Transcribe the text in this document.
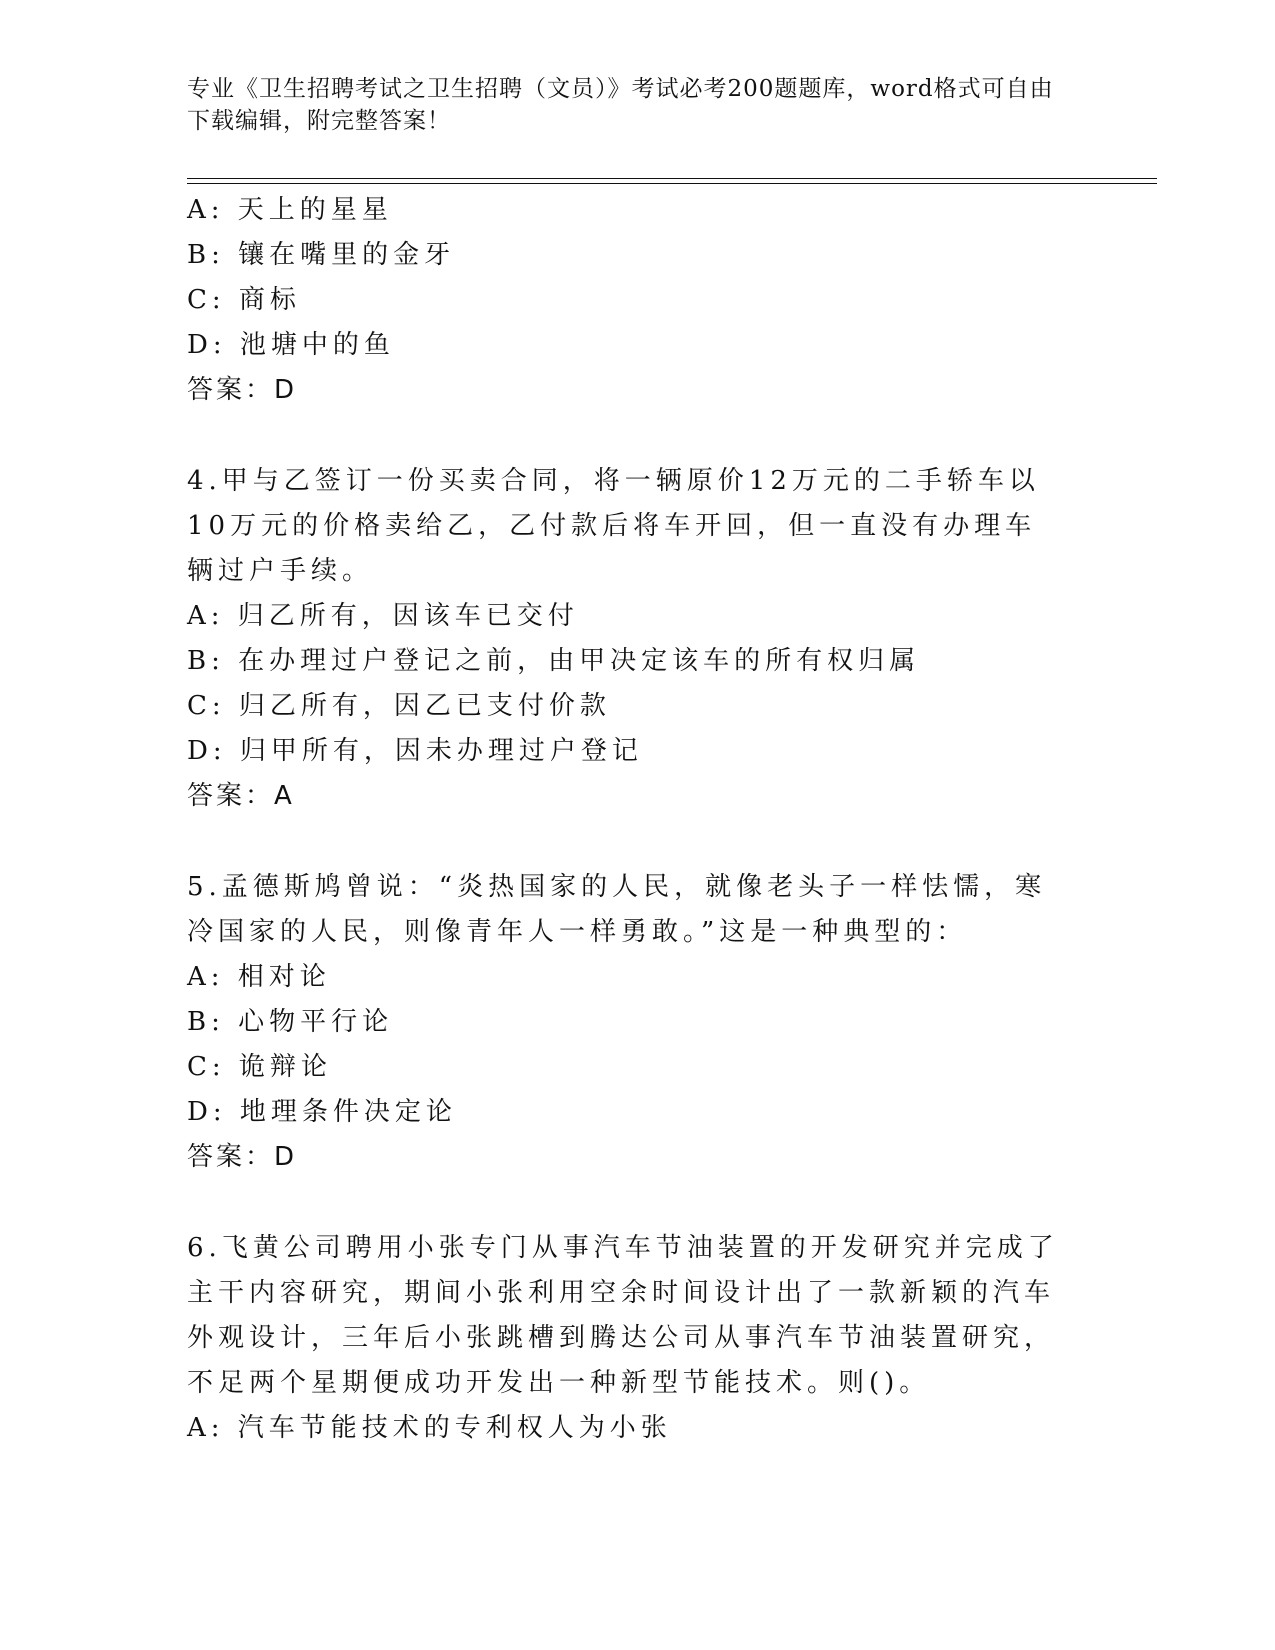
专业《卫生招聘考试之卫生招聘（文员）》考试必考200题题库，word格式可自由下载编辑，附完整答案！
A: 天上的星星
B: 镶在嘴里的金牙
C: 商标
D: 池塘中的鱼
答案：D
4.甲与乙签订一份买卖合同，将一辆原价12万元的二手轿车以10万元的价格卖给乙，乙付款后将车开回，但一直没有办理车辆过户手续。
A: 归乙所有，因该车已交付
B: 在办理过户登记之前，由甲决定该车的所有权归属
C: 归乙所有，因乙已支付价款
D: 归甲所有，因未办理过户登记
答案：A
5.孟德斯鸠曾说：“炎热国家的人民，就像老头子一样怯懦，寒冷国家的人民，则像青年人一样勇敢。”这是一种典型的：
A: 相对论
B: 心物平行论
C: 诡辩论
D: 地理条件决定论
答案：D
6.飞黄公司聘用小张专门从事汽车节油装置的开发研究并完成了主干内容研究，期间小张利用空余时间设计出了一款新颖的汽车外观设计，三年后小张跳槽到腾达公司从事汽车节油装置研究，不足两个星期便成功开发出一种新型节能技术。则()。
A: 汽车节能技术的专利权人为小张
